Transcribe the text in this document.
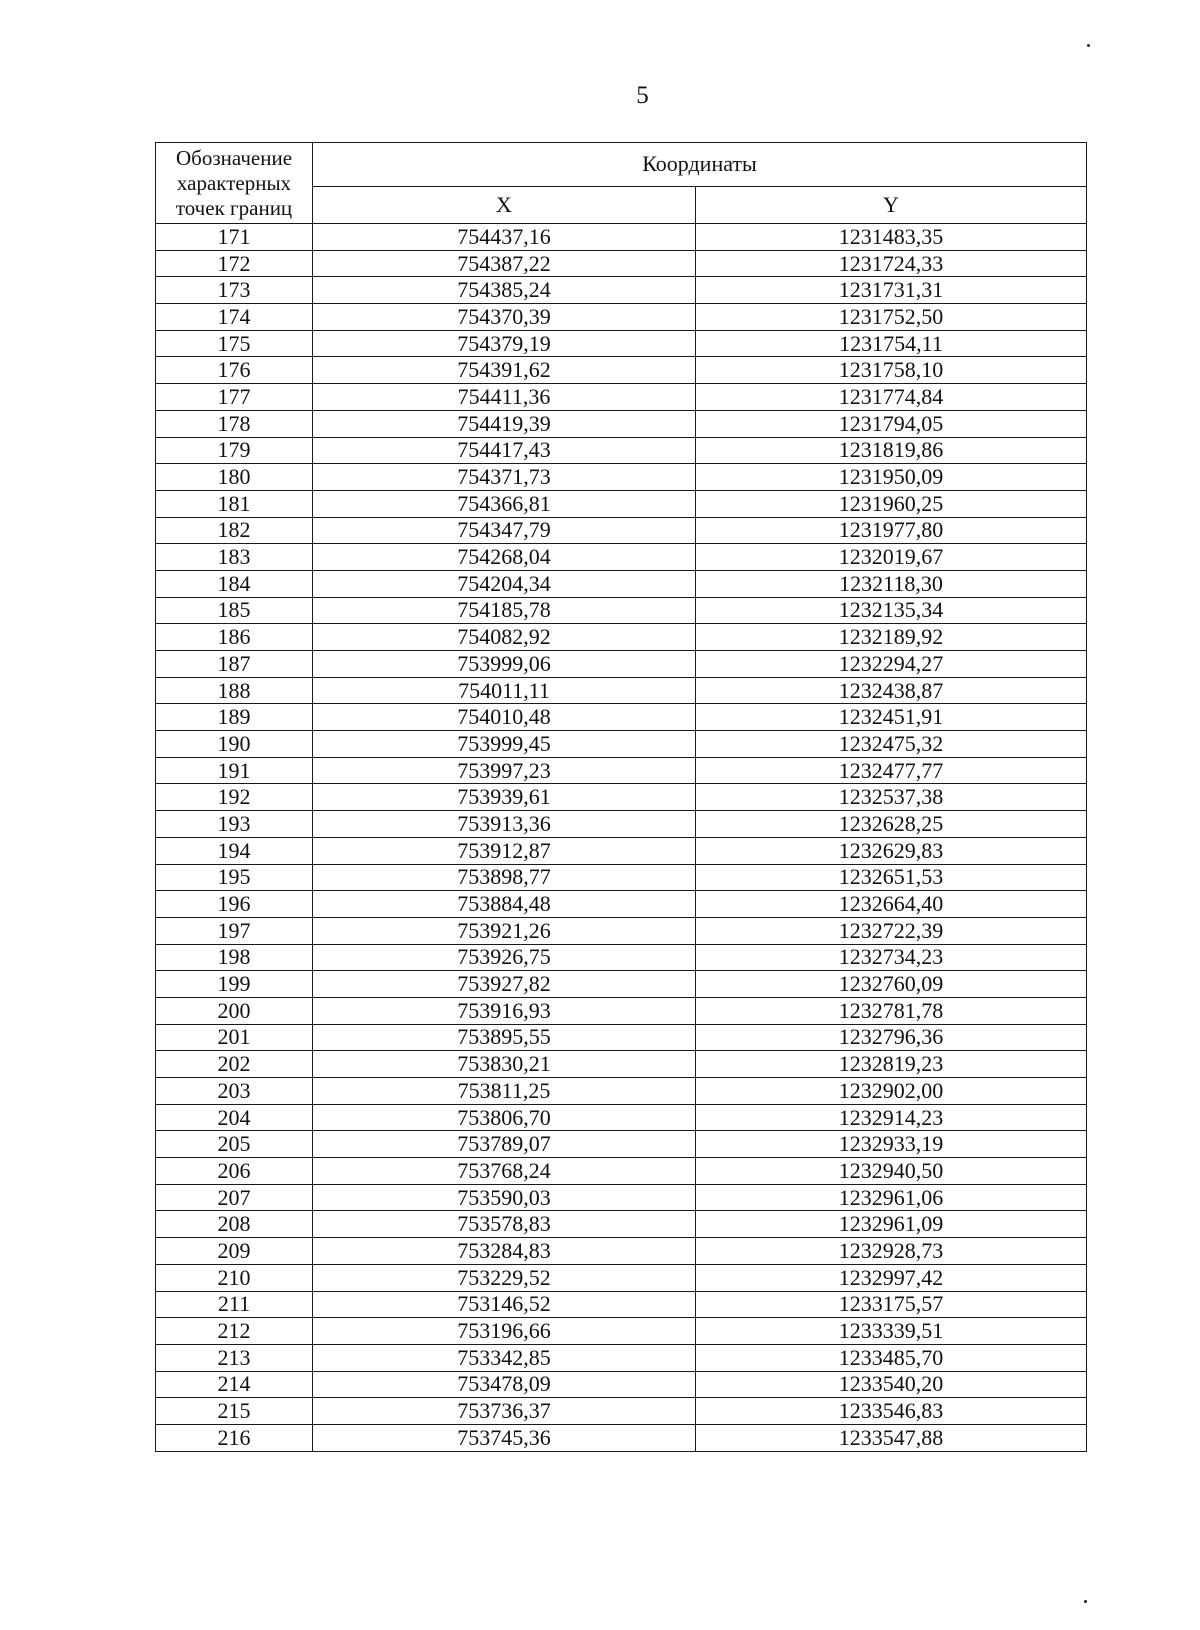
5
Обозначение характерных точек границ	Координаты	
	X	Y
171	754437,16	1231483,35
172	754387,22	1231724,33
173	754385,24	1231731,31
174	754370,39	1231752,50
175	754379,19	1231754,11
176	754391,62	1231758,10
177	754411,36	1231774,84
178	754419,39	1231794,05
179	754417,43	1231819,86
180	754371,73	1231950,09
181	754366,81	1231960,25
182	754347,79	1231977,80
183	754268,04	1232019,67
184	754204,34	1232118,30
185	754185,78	1232135,34
186	754082,92	1232189,92
187	753999,06	1232294,27
188	754011,11	1232438,87
189	754010,48	1232451,91
190	753999,45	1232475,32
191	753997,23	1232477,77
192	753939,61	1232537,38
193	753913,36	1232628,25
194	753912,87	1232629,83
195	753898,77	1232651,53
196	753884,48	1232664,40
197	753921,26	1232722,39
198	753926,75	1232734,23
199	753927,82	1232760,09
200	753916,93	1232781,78
201	753895,55	1232796,36
202	753830,21	1232819,23
203	753811,25	1232902,00
204	753806,70	1232914,23
205	753789,07	1232933,19
206	753768,24	1232940,50
207	753590,03	1232961,06
208	753578,83	1232961,09
209	753284,83	1232928,73
210	753229,52	1232997,42
211	753146,52	1233175,57
212	753196,66	1233339,51
213	753342,85	1233485,70
214	753478,09	1233540,20
215	753736,37	1233546,83
216	753745,36	1233547,88
